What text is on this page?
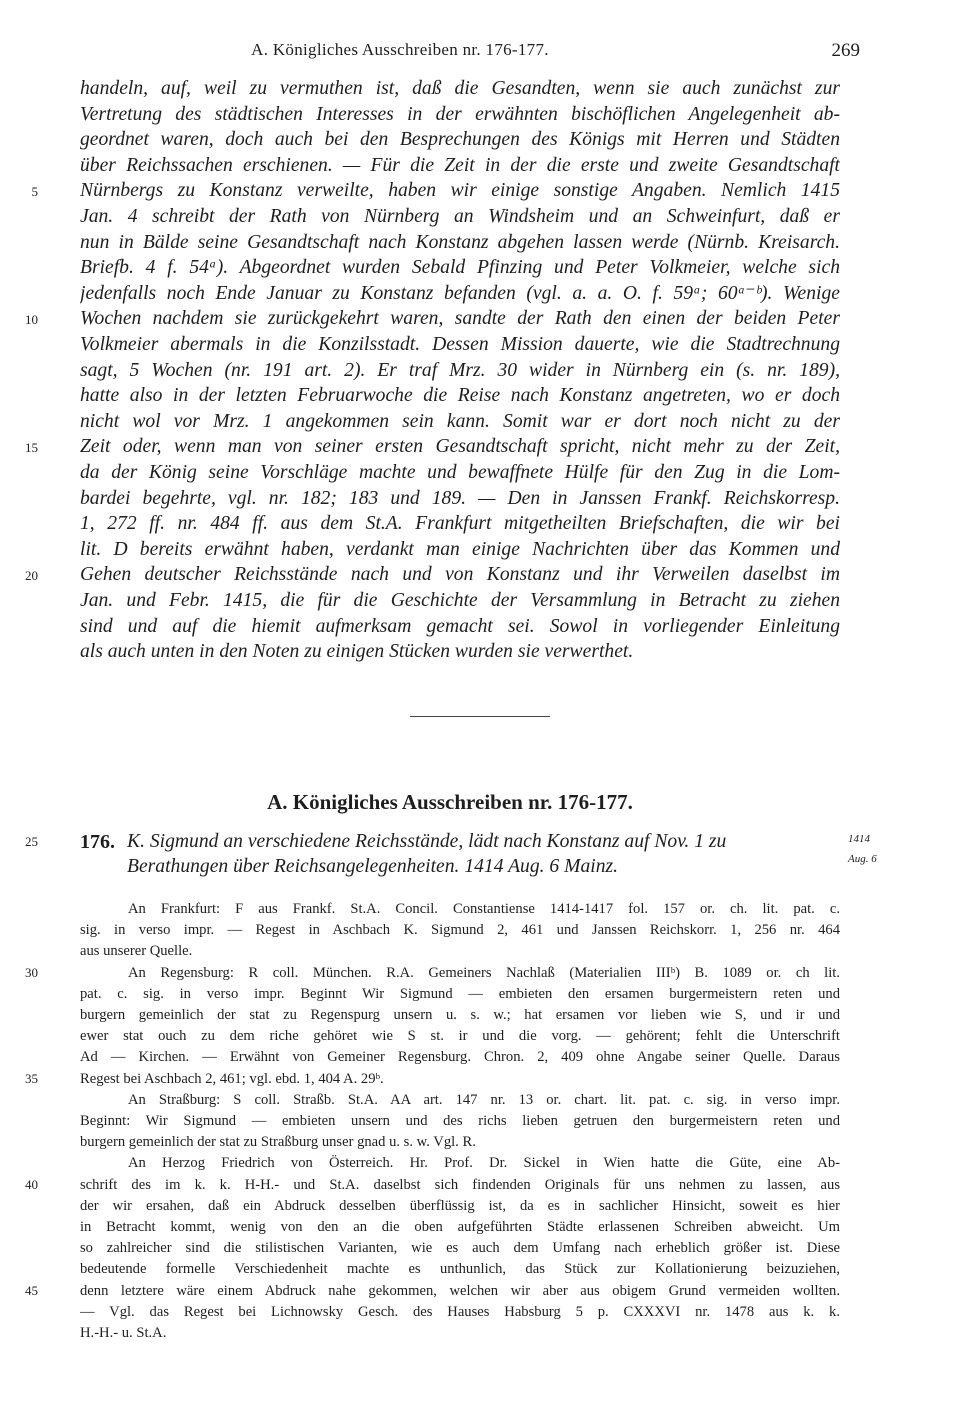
A. Königliches Ausschreiben nr. 176-177.	269
handeln, auf, weil zu vermuthen ist, daß die Gesandten, wenn sie auch zunächst zur
Vertretung des städtischen Interesses in der erwähnten bischöflichen Angelegenheit ab-
geordnet waren, doch auch bei den Besprechungen des Königs mit Herren und Städten
über Reichssachen erschienen. — Für die Zeit in der die erste und zweite Gesandtschaft
Nürnbergs zu Konstanz verweilte, haben wir einige sonstige Angaben. Nemlich 1415
Jan. 4 schreibt der Rath von Nürnberg an Windsheim und an Schweinfurt, daß er
nun in Bälde seine Gesandtschaft nach Konstanz abgehen lassen werde (Nürnb. Kreisarch.
Briefb. 4 f. 54ᵃ). Abgeordnet wurden Sebald Pfinzing und Peter Volkmeier, welche sich
jedenfalls noch Ende Januar zu Konstanz befanden (vgl. a. a. O. f. 59ᵃ; 60ᵃ⁻ᵇ). Wenige
Wochen nachdem sie zurückgekehrt waren, sandte der Rath den einen der beiden Peter
Volkmeier abermals in die Konzilsstadt. Dessen Mission dauerte, wie die Stadtrechnung
sagt, 5 Wochen (nr. 191 art. 2). Er traf Mrz. 30 wider in Nürnberg ein (s. nr. 189),
hatte also in der letzten Februarwoche die Reise nach Konstanz angetreten, wo er doch
nicht wol vor Mrz. 1 angekommen sein kann. Somit war er dort noch nicht zu der
Zeit oder, wenn man von seiner ersten Gesandtschaft spricht, nicht mehr zu der Zeit,
da der König seine Vorschläge machte und bewaffnete Hülfe für den Zug in die Lom-
bardei begehrte, vgl. nr. 182; 183 und 189. — Den in Janssen Frankf. Reichskorresp.
1, 272 ff. nr. 484 ff. aus dem St.A. Frankfurt mitgetheilten Briefschaften, die wir bei
lit. D bereits erwähnt haben, verdankt man einige Nachrichten über das Kommen und
Gehen deutscher Reichsstände nach und von Konstanz und ihr Verweilen daselbst im
Jan. und Febr. 1415, die für die Geschichte der Versammlung in Betracht zu ziehen
sind und auf die hiemit aufmerksam gemacht sei. Sowol in vorliegender Einleitung
als auch unten in den Noten zu einigen Stücken wurden sie verwerthet.
5
10
15
20
A. Königliches Ausschreiben nr. 176-177.
25 176. K. Sigmund an verschiedene Reichsstände, lädt nach Konstanz auf Nov. 1 zu
Berathungen über Reichsangelegenheiten. 1414 Aug. 6 Mainz.
1414
Aug. 6
An Frankfurt: F aus Frankf. St.A. Concil. Constantiense 1414-1417 fol. 157 or. ch. lit. pat. c.
sig. in verso impr. — Regest in Aschbach K. Sigmund 2, 461 und Janssen Reichskorr. 1, 256 nr. 464
aus unserer Quelle.
An Regensburg: R coll. München. R.A. Gemeiners Nachlaß (Materialien IIIᵇ) B. 1089 or. ch lit.
pat. c. sig. in verso impr. Beginnt Wir Sigmund — embieten den ersamen burgermeistern reten und
burgern gemeinlich der stat zu Regenspurg unsern u. s. w.; hat ersamen vor lieben wie S, und ir und
ewer stat ouch zu dem riche gehöret wie S st. ir und die vorg. — gehörent; fehlt die Unterschrift
Ad — Kirchen. — Erwähnt von Gemeiner Regensburg. Chron. 2, 409 ohne Angabe seiner Quelle. Daraus
Regest bei Aschbach 2, 461; vgl. ebd. 1, 404 A. 29ᵇ.
An Straßburg: S coll. Straßb. St.A. AA art. 147 nr. 13 or. chart. lit. pat. c. sig. in verso impr.
Beginnt: Wir Sigmund — embieten unsern und des richs lieben getruen den burgermeistern reten und
burgern gemeinlich der stat zu Straßburg unser gnad u. s. w. Vgl. R.
An Herzog Friedrich von Österreich. Hr. Prof. Dr. Sickel in Wien hatte die Güte, eine Ab-
schrift des im k. k. H-H.- und St.A. daselbst sich findenden Originals für uns nehmen zu lassen, aus
der wir ersahen, daß ein Abdruck desselben überflüssig ist, da es in sachlicher Hinsicht, soweit es hier
in Betracht kommt, wenig von den an die oben aufgeführten Städte erlassenen Schreiben abweicht. Um
so zahlreicher sind die stilistischen Varianten, wie es auch dem Umfang nach erheblich größer ist. Diese
bedeutende formelle Verschiedenheit machte es unthunlich, das Stück zur Kollationierung beizuziehen,
denn letztere wäre einem Abdruck nahe gekommen, welchen wir aber aus obigem Grund vermeiden wollten.
— Vgl. das Regest bei Lichnowsky Gesch. des Hauses Habsburg 5 p. CXXXVI nr. 1478 aus k. k.
H.-H.- u. St.A.
30
35
40
45
